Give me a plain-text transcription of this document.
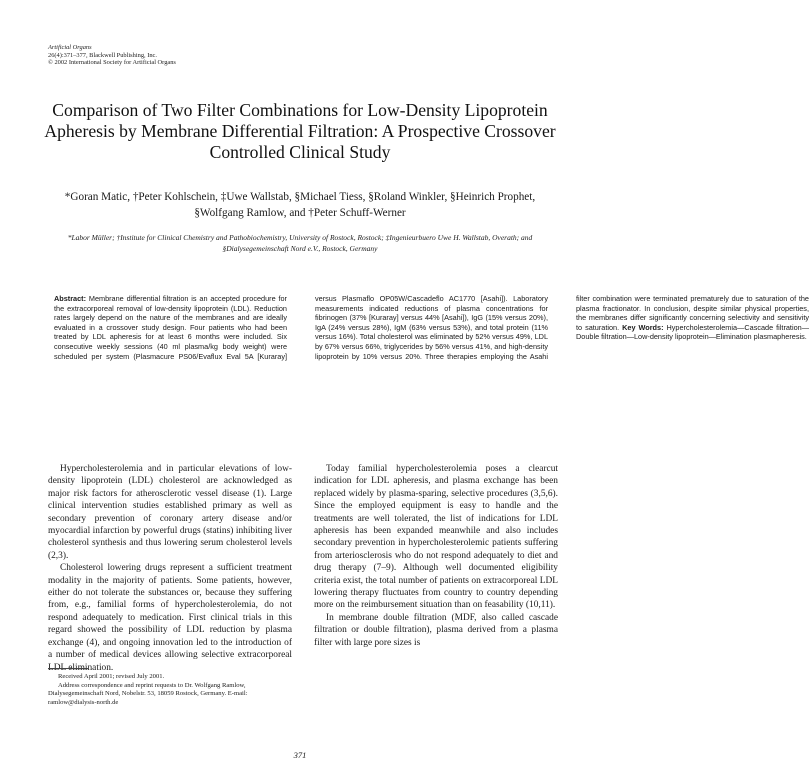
Artificial Organs
26(4):371–377, Blackwell Publishing, Inc.
© 2002 International Society for Artificial Organs
Comparison of Two Filter Combinations for Low-Density Lipoprotein Apheresis by Membrane Differential Filtration: A Prospective Crossover Controlled Clinical Study
*Goran Matic, †Peter Kohlschein, ‡Uwe Wallstab, §Michael Tiess, §Roland Winkler, §Heinrich Prophet, §Wolfgang Ramlow, and †Peter Schuff-Werner
*Labor Müller; †Institute for Clinical Chemistry and Pathobiochemistry, University of Rostock, Rostock; ‡Ingenieurbuero Uwe H. Wallstab, Overath; and §Dialysegemeinschaft Nord e.V., Rostock, Germany
Abstract: Membrane differential filtration is an accepted procedure for the extracorporeal removal of low-density lipoprotein (LDL). Reduction rates largely depend on the nature of the membranes and are ideally evaluated in a crossover study design. Four patients who had been treated by LDL apheresis for at least 6 months were included. Six consecutive weekly sessions (40 ml plasma/kg body weight) were scheduled per system (Plasmacure PS06/Evaflux Eval 5A [Kuraray] versus Plasmaflo OP05W/Cascadeflo AC1770 [Asahi]). Laboratory measurements indicated reductions of plasma concentrations for fibrinogen (37% [Kuraray] versus 44% [Asahi]), IgG (15% versus 20%), IgA (24% versus 28%), IgM (63% versus 53%), and total protein (11% versus 16%). Total cholesterol was eliminated by 52% versus 49%, LDL by 67% versus 66%, triglycerides by 56% versus 41%, and high-density lipoprotein by 10% versus 20%. Three therapies employing the Asahi filter combination were terminated prematurely due to saturation of the plasma fractionator. In conclusion, despite similar physical properties, the membranes differ significantly concerning selectivity and sensitivity to saturation. Key Words: Hypercholesterolemia—Cascade filtration—Double filtration—Low-density lipoprotein—Elimination plasmapheresis.

Hypercholesterolemia and in particular elevations of low-density lipoprotein (LDL) cholesterol are acknowledged as major risk factors for atherosclerotic vessel disease (1). Large clinical intervention studies established primary as well as secondary prevention of coronary artery disease and/or myocardial infarction by powerful drugs (statins) inhibiting liver cholesterol synthesis and thus lowering serum cholesterol levels (2,3).

Cholesterol lowering drugs represent a sufficient treatment modality in the majority of patients. Some patients, however, either do not tolerate the substances or, because they suffering from, e.g., familial forms of hypercholesterolemia, do not respond adequately to medication. First clinical trials in this regard showed the possibility of LDL reduction by plasma exchange (4), and ongoing innovation led to the introduction of a number of medical devices allowing selective extracorporeal LDL elimination.

Today familial hypercholesterolemia poses a clearcut indication for LDL apheresis, and plasma exchange has been replaced widely by plasma-sparing, selective procedures (3,5,6). Since the employed equipment is easy to handle and the treatments are well tolerated, the list of indications for LDL apheresis has been expanded meanwhile and also includes secondary prevention in hypercholesterolemic patients suffering from arteriosclerosis who do not respond adequately to diet and drug therapy (7–9). Although well documented eligibility criteria exist, the total number of patients on extracorporeal LDL lowering therapy fluctuates from country to country depending more on the reimbursement situation than on feasability (10,11).

In membrane double filtration (MDF, also called cascade filtration or double filtration), plasma derived from a plasma filter with large pore sizes is

Received April 2001; revised July 2001.

Address correspondence and reprint requests to Dr. Wolfgang Ramlow, Dialysegemeinschaft Nord, Nobelstr. 53, 18059 Rostock, Germany. E-mail: ramlow@dialysis-north.de

371
